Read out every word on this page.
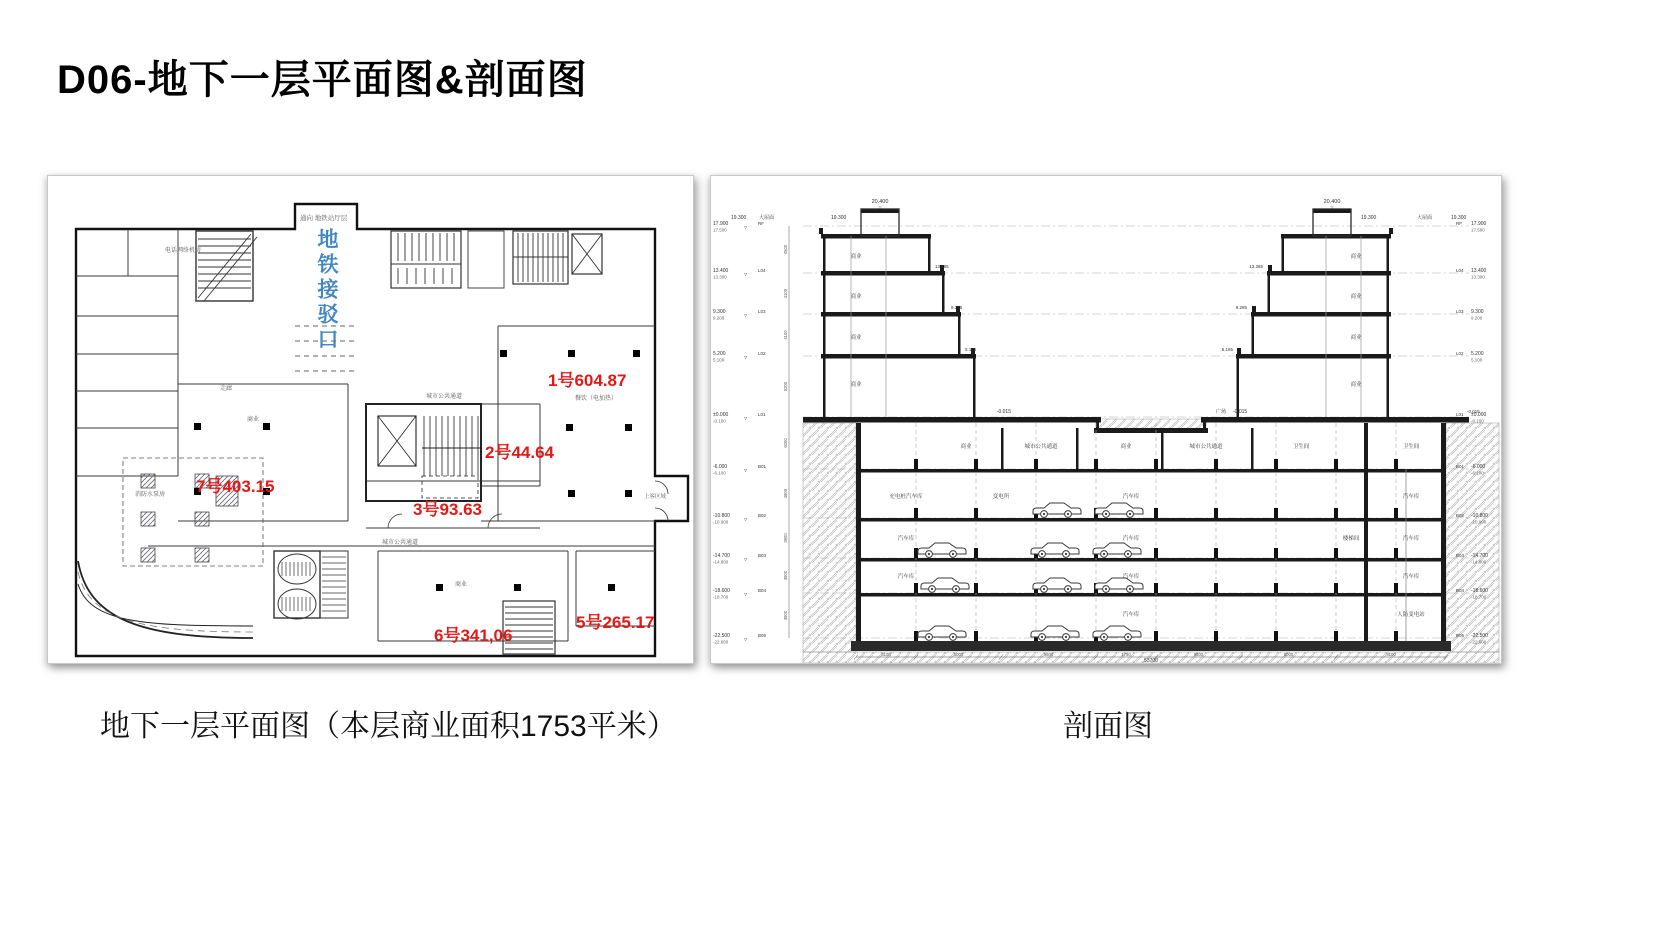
D06-地下一层平面图&剖面图
电话网络机房
走廊
消防水泵房
城市公共通道
城市公共通道
商业
商业
餐饮（电加热）
上客区域
通向 地铁站厅层
地铁接驳口
1号604.87
2号44.64
3号93.63
5号265.17
6号341,06
7号403.15
20.400	20.400
▽	▽
19.300	大屋面	19.300	19.300	大屋面	19.300
13.385
9.285
5.185
13.385
9.285
5.185
-0.015	广场 -0.015	-0.015
53700
17.900
17.500
RF
▽	17.900
17.500
RF
13.400
13.300
L04
▽	13.400
13.300
L04
9.300
9.200
L03
▽	9.300
9.200
L03
5.200
5.100
L02
▽	5.200
5.100
L02
±0.000
-0.100
L01
▽	±0.000
-0.100
L01
-6.000
-6.100
B01
▽	-6.000
-6.100
B01
-10.800
-10.900
B02
▽	-10.800
-10.900
B02
-14.700
-14.800
B03
▽	-14.700
-14.800
B03
-18.600
-18.700
B04
▽	-18.600
-18.700
B04
-22.500
-22.600
B05
▽	-22.500
-22.600
B05
4500
4100
4100
5200
6000
4800
3900
3900
3900
8100	5000	9600	1750	9600	5000	8100
商业	城市公共通道	商业	城市公共通道	卫生间	卫生间
充电桩汽车库	变电所	汽车库	汽车库
汽车库	汽车库	楼梯间	汽车库
汽车库	汽车库	汽车库
汽车库	人防变电站
商业
商业
商业
商业
商业
商业
商业
商业
地下一层平面图（本层商业面积1753平米）	剖面图
